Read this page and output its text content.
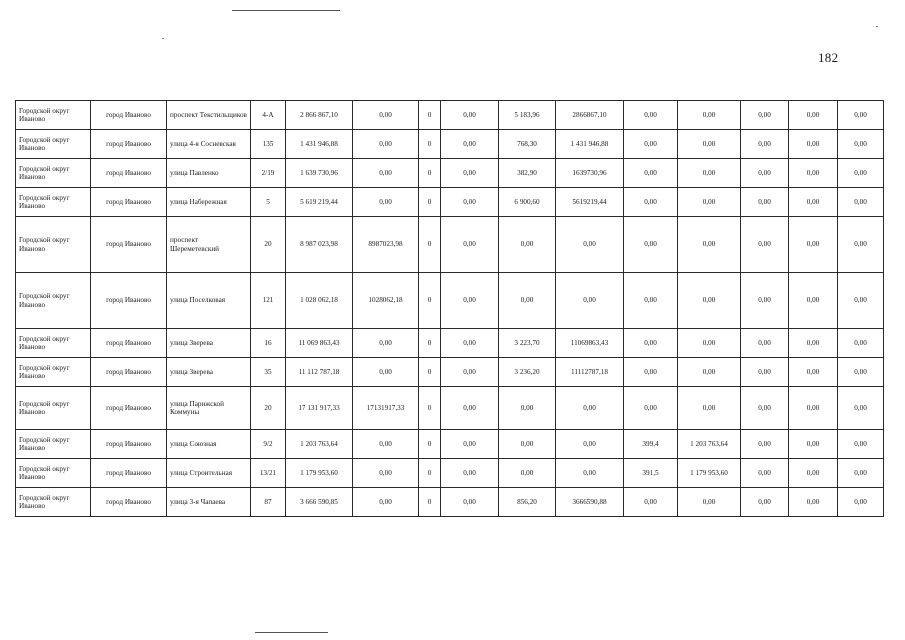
182
Городской округ Иваново	город Иваново	проспект Текстильщиков	4-А	2 866 867,10	0,00	0	0,00	5 183,96	2866867,10	0,00	0,00	0,00	0,00	0,00
Городской округ Иваново	город Иваново	улица 4-я Сосневская	135	1 431 946,88	0,00	0	0,00	768,30	1 431 946,88	0,00	0,00	0,00	0,00	0,00
Городской округ Иваново	город Иваново	улица Павленко	2/19	1 639 730,96	0,00	0	0,00	382,90	1639730,96	0,00	0,00	0,00	0,00	0,00
Городской округ Иваново	город Иваново	улица Набережная	5	5 619 219,44	0,00	0	0,00	6 900,60	5619219,44	0,00	0,00	0,00	0,00	0,00
Городской округ Иваново	город Иваново	проспект Шереметевский	20	8 987 023,98	8987023,98	0	0,00	0,00	0,00	0,00	0,00	0,00	0,00	0,00
Городской округ Иваново	город Иваново	улица Поселковая	121	1 028 062,18	1028062,18	0	0,00	0,00	0,00	0,00	0,00	0,00	0,00	0,00
Городской округ Иваново	город Иваново	улица Зверева	16	11 069 863,43	0,00	0	0,00	3 223,70	11069863,43	0,00	0,00	0,00	0,00	0,00
Городской округ Иваново	город Иваново	улица Зверева	35	11 112 787,18	0,00	0	0,00	3 236,20	11112787,18	0,00	0,00	0,00	0,00	0,00
Городской округ Иваново	город Иваново	улица Парижской Коммуны	20	17 131 917,33	17131917,33	0	0,00	0,00	0,00	0,00	0,00	0,00	0,00	0,00
Городской округ Иваново	город Иваново	улица Союзная	9/2	1 203 763,64	0,00	0	0,00	0,00	0,00	399,4	1 203 763,64	0,00	0,00	0,00
Городской округ Иваново	город Иваново	улица Строительная	13/21	1 179 953,60	0,00	0	0,00	0,00	0,00	391,5	1 179 953,60	0,00	0,00	0,00
Городской округ Иваново	город Иваново	улица 3-я Чапаева	87	3 666 590,85	0,00	0	0,00	856,20	3666590,88	0,00	0,00	0,00	0,00	0,00
